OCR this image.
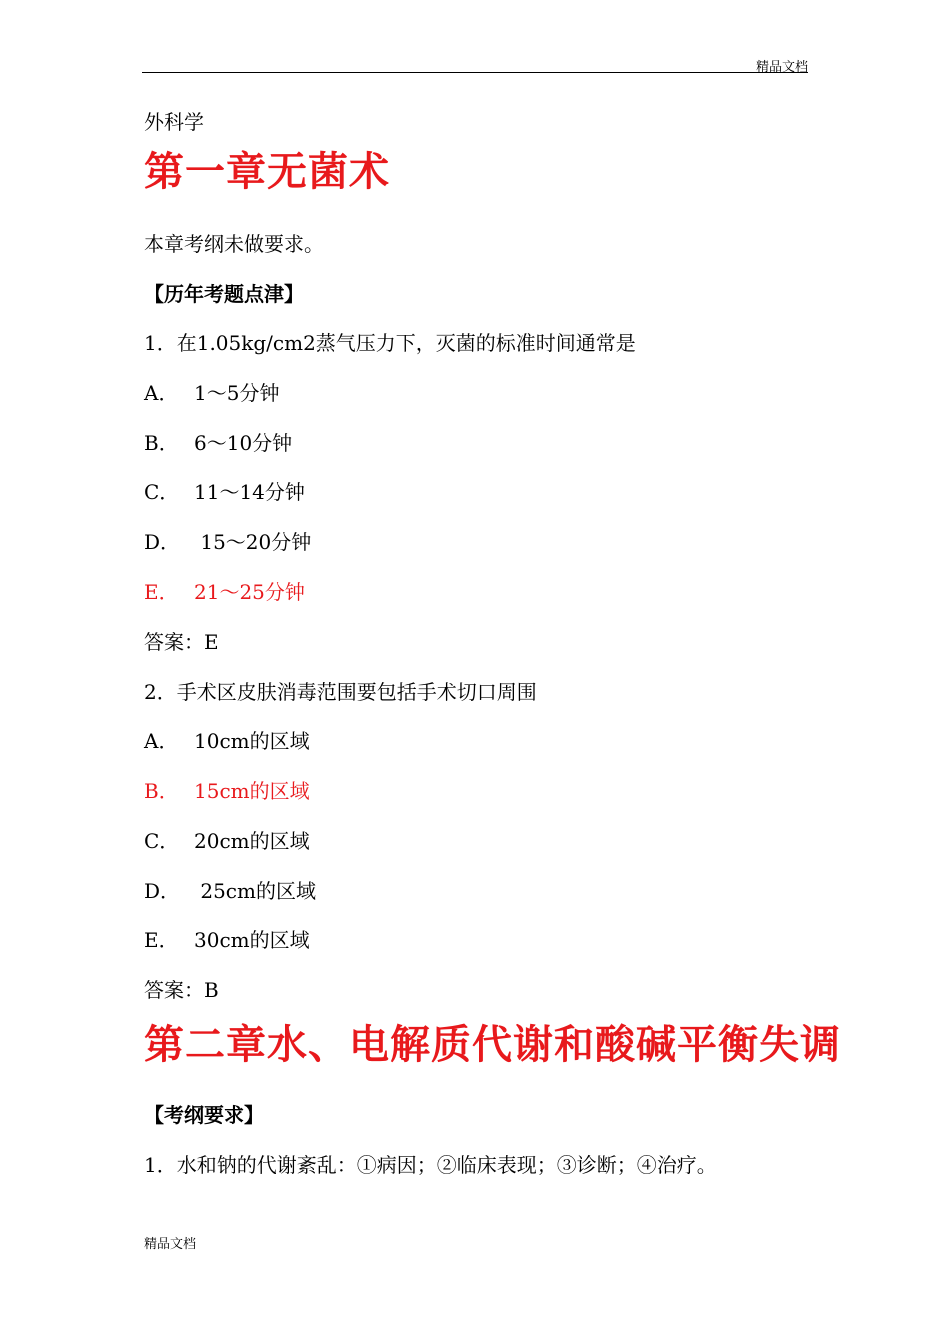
精品文档
外科学
第一章无菌术
本章考纲未做要求。
【历年考题点津】
1．在1.05kg/cm2蒸气压力下，灭菌的标准时间通常是
A． 1～5分钟
B． 6～10分钟
C． 11～14分钟
D． 15～20分钟
E． 21～25分钟
答案：E
2．手术区皮肤消毒范围要包括手术切口周围
A． 10cm的区域
B． 15cm的区域
C． 20cm的区域
D． 25cm的区域
E． 30cm的区域
答案：B
第二章水、电解质代谢和酸碱平衡失调
【考纲要求】
1．水和钠的代谢紊乱：①病因；②临床表现；③诊断；④治疗。
精品文档
